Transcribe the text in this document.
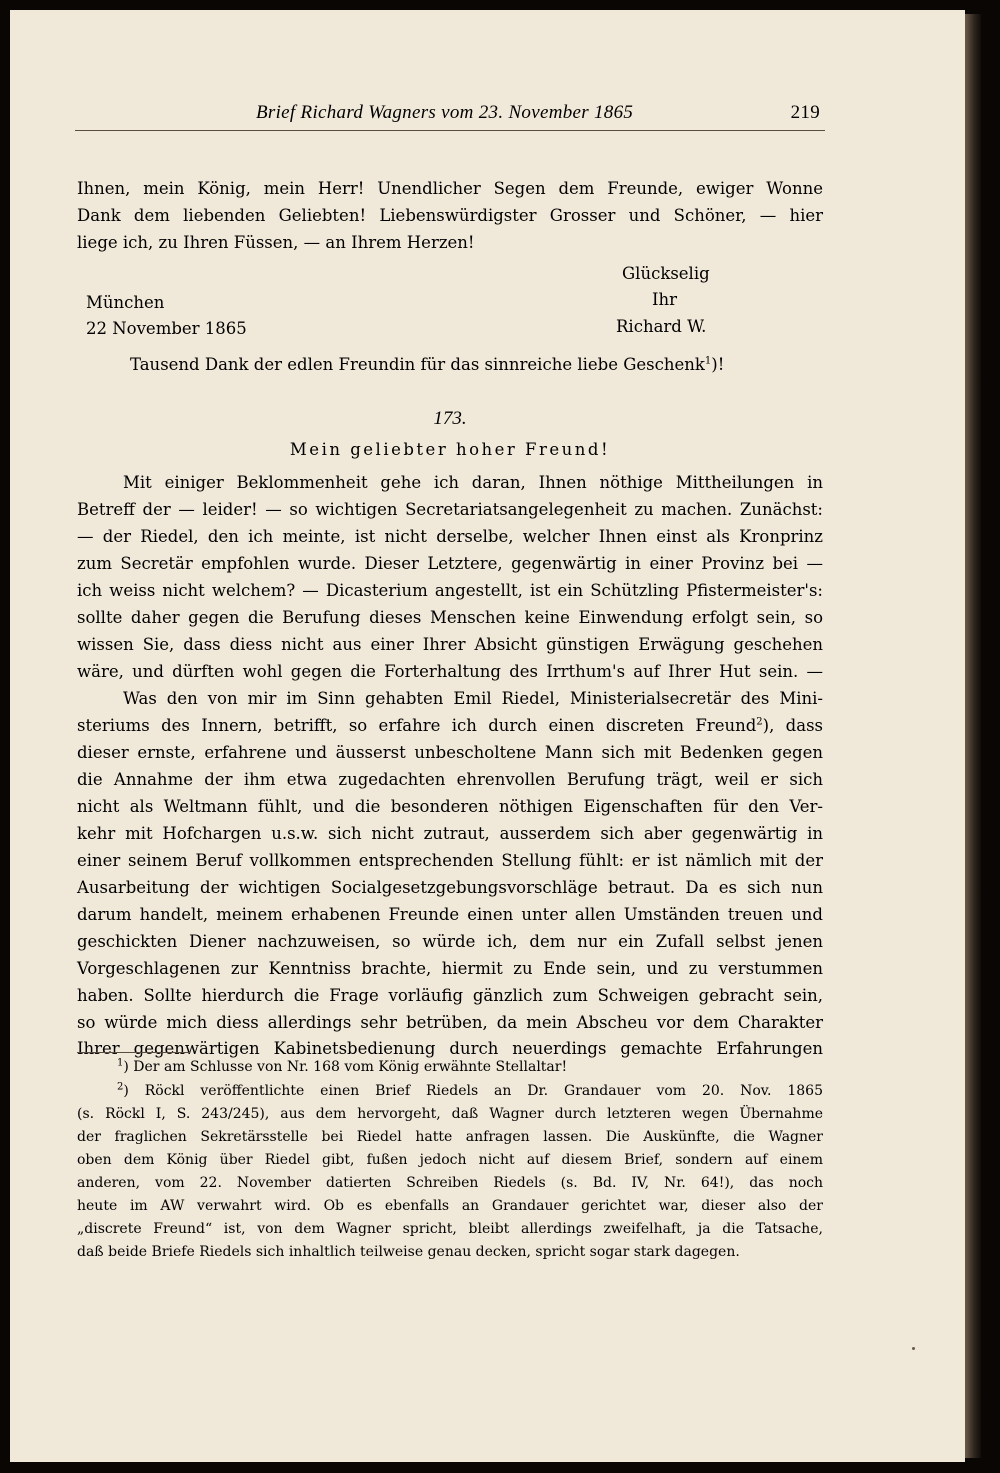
Brief Richard Wagners vom 23. November 1865	219
Ihnen, mein König, mein Herr! Unendlicher Segen dem Freunde, ewiger Wonne
Dank dem liebenden Geliebten! Liebenswürdigster Grosser und Schöner, — hier
liege ich, zu Ihren Füssen, — an Ihrem Herzen!
Glückselig
Ihr
Richard W.
München
22 November 1865
Tausend Dank der edlen Freundin für das sinnreiche liebe Geschenk$^1$)!
173.
Mein geliebter hoher Freund!
Mit einiger Beklommenheit gehe ich daran, Ihnen nöthige Mittheilungen in
Betreff der — leider! — so wichtigen Secretariatsangelegenheit zu machen. Zunächst:
— der Riedel, den ich meinte, ist nicht derselbe, welcher Ihnen einst als Kronprinz
zum Secretär empfohlen wurde. Dieser Letztere, gegenwärtig in einer Provinz bei —
ich weiss nicht welchem? — Dicasterium angestellt, ist ein Schützling Pfistermeister's:
sollte daher gegen die Berufung dieses Menschen keine Einwendung erfolgt sein, so
wissen Sie, dass diess nicht aus einer Ihrer Absicht günstigen Erwägung geschehen
wäre, und dürften wohl gegen die Forterhaltung des Irrthum's auf Ihrer Hut sein. —
Was den von mir im Sinn gehabten Emil Riedel, Ministerialsecretär des Mini-
steriums des Innern, betrifft, so erfahre ich durch einen discreten Freund$^2$), dass
dieser ernste, erfahrene und äusserst unbescholtene Mann sich mit Bedenken gegen
die Annahme der ihm etwa zugedachten ehrenvollen Berufung trägt, weil er sich
nicht als Weltmann fühlt, und die besonderen nöthigen Eigenschaften für den Ver-
kehr mit Hofchargen u.s.w. sich nicht zutraut, ausserdem sich aber gegenwärtig in
einer seinem Beruf vollkommen entsprechenden Stellung fühlt: er ist nämlich mit der
Ausarbeitung der wichtigen Socialgesetzgebungsvorschläge betraut. Da es sich nun
darum handelt, meinem erhabenen Freunde einen unter allen Umständen treuen und
geschickten Diener nachzuweisen, so würde ich, dem nur ein Zufall selbst jenen
Vorgeschlagenen zur Kenntniss brachte, hiermit zu Ende sein, und zu verstummen
haben. Sollte hierdurch die Frage vorläufig gänzlich zum Schweigen gebracht sein,
so würde mich diess allerdings sehr betrüben, da mein Abscheu vor dem Charakter
Ihrer gegenwärtigen Kabinetsbedienung durch neuerdings gemachte Erfahrungen
$^1$) Der am Schlusse von Nr. 168 vom König erwähnte Stellaltar!
$^2$) Röckl veröffentlichte einen Brief Riedels an Dr. Grandauer vom 20. Nov. 1865
(s. Röckl I, S. 243/245), aus dem hervorgeht, daß Wagner durch letzteren wegen Übernahme
der fraglichen Sekretärsstelle bei Riedel hatte anfragen lassen. Die Auskünfte, die Wagner
oben dem König über Riedel gibt, fußen jedoch nicht auf diesem Brief, sondern auf einem
anderen, vom 22. November datierten Schreiben Riedels (s. Bd. IV, Nr. 64!), das noch
heute im AW verwahrt wird. Ob es ebenfalls an Grandauer gerichtet war, dieser also der
„discrete Freund“ ist, von dem Wagner spricht, bleibt allerdings zweifelhaft, ja die Tatsache,
daß beide Briefe Riedels sich inhaltlich teilweise genau decken, spricht sogar stark dagegen.
